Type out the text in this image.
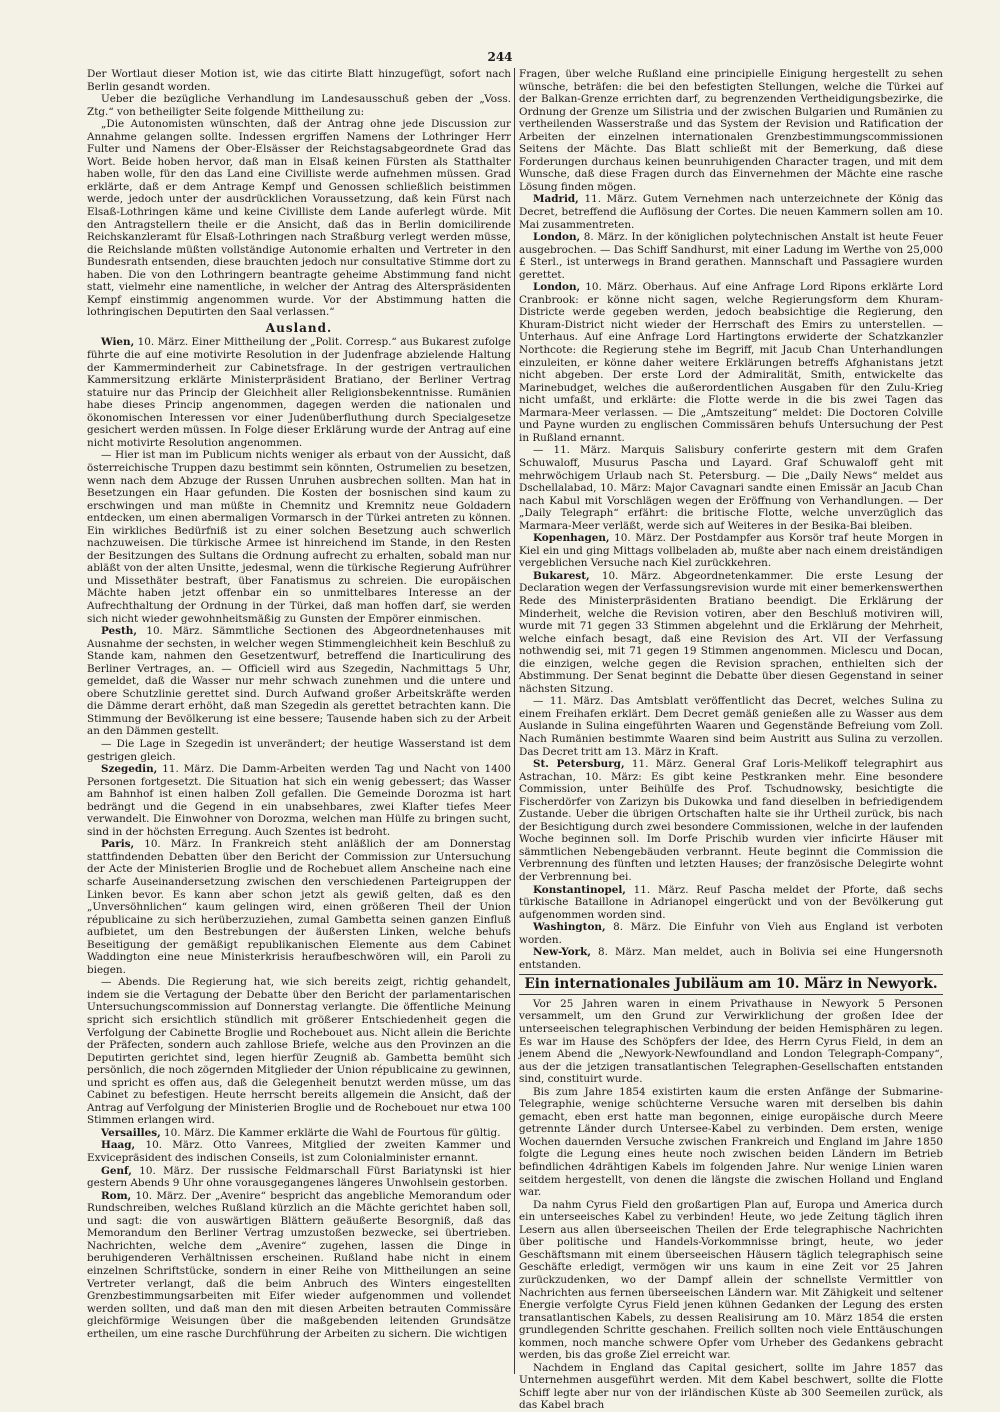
244

Der Wortlaut dieser Motion ist, wie das citirte Blatt hinzugefügt, sofort nach Berlin gesandt worden.

Ueber die bezügliche Verhandlung im Landesausschuß geben der „Voss. Ztg.“ von betheiligter Seite folgende Mittheilung zu:

„Die Autonomisten wünschten, daß der Antrag ohne jede Discussion zur Annahme gelangen sollte. Indessen ergriffen Namens der Lothringer Herr Fulter und Namens der Ober-Elsässer der Reichstagsabgeordnete Grad das Wort. Beide hoben hervor, daß man in Elsaß keinen Fürsten als Statthalter haben wolle, für den das Land eine Civilliste werde aufnehmen müssen. Grad erklärte, daß er dem Antrage Kempf und Genossen schließlich beistimmen werde, jedoch unter der ausdrücklichen Voraussetzung, daß kein Fürst nach Elsaß-Lothringen käme und keine Civilliste dem Lande auferlegt würde. Mit den Antragstellern theile er die Ansicht, daß das in Berlin domicilirende Reichskanzleramt für Elsaß-Lothringen nach Straßburg verlegt werden müsse, die Reichslande müßten vollständige Autonomie erhalten und Vertreter in den Bundesrath entsenden, diese brauchten jedoch nur consultative Stimme dort zu haben. Die von den Lothringern beantragte geheime Abstimmung fand nicht statt, vielmehr eine namentliche, in welcher der Antrag des Alterspräsidenten Kempf einstimmig angenommen wurde. Vor der Abstimmung hatten die lothringischen Deputirten den Saal verlassen.“

Ausland.

Wien, 10. März. Einer Mittheilung der „Polit. Corresp.“ aus Bukarest zufolge führte die auf eine motivirte Resolution in der Judenfrage abzielende Haltung der Kammerminderheit zur Cabinetsfrage. In der gestrigen vertraulichen Kammersitzung erklärte Ministerpräsident Bratiano, der Berliner Vertrag statuire nur das Princip der Gleichheit aller Religionsbekenntnisse. Rumänien habe dieses Princip angenommen, dagegen werden die nationalen und ökonomischen Interessen vor einer Judenüberfluthung durch Specialgesetze gesichert werden müssen. In Folge dieser Erklärung wurde der Antrag auf eine nicht motivirte Resolution angenommen.

— Hier ist man im Publicum nichts weniger als erbaut von der Aussicht, daß österreichische Truppen dazu bestimmt sein könnten, Ostrumelien zu besetzen, wenn nach dem Abzuge der Russen Unruhen ausbrechen sollten. Man hat in Besetzungen ein Haar gefunden. Die Kosten der bosnischen sind kaum zu erschwingen und man müßte in Chemnitz und Kremnitz neue Goldadern entdecken, um einen abermaligen Vormarsch in der Türkei antreten zu können. Ein wirkliches Bedürfniß ist zu einer solchen Besetzung auch schwerlich nachzuweisen. Die türkische Armee ist hinreichend im Stande, in den Resten der Besitzungen des Sultans die Ordnung aufrecht zu erhalten, sobald man nur abläßt von der alten Unsitte, jedesmal, wenn die türkische Regierung Aufrührer und Missethäter bestraft, über Fanatismus zu schreien. Die europäischen Mächte haben jetzt offenbar ein so unmittelbares Interesse an der Aufrechthaltung der Ordnung in der Türkei, daß man hoffen darf, sie werden sich nicht wieder gewohnheitsmäßig zu Gunsten der Empörer einmischen.

Pesth, 10. März. Sämmtliche Sectionen des Abgeordnetenhauses mit Ausnahme der sechsten, in welcher wegen Stimmengleichheit kein Beschluß zu Stande kam, nahmen den Gesetzentwurf, betreffend die Inarticulirung des Berliner Vertrages, an. — Officiell wird aus Szegedin, Nachmittags 5 Uhr, gemeldet, daß die Wasser nur mehr schwach zunehmen und die untere und obere Schutzlinie gerettet sind. Durch Aufwand großer Arbeitskräfte werden die Dämme derart erhöht, daß man Szegedin als gerettet betrachten kann. Die Stimmung der Bevölkerung ist eine bessere; Tausende haben sich zu der Arbeit an den Dämmen gestellt.

— Die Lage in Szegedin ist unverändert; der heutige Wasserstand ist dem gestrigen gleich.

Szegedin, 11. März. Die Damm-Arbeiten werden Tag und Nacht von 1400 Personen fortgesetzt. Die Situation hat sich ein wenig gebessert; das Wasser am Bahnhof ist einen halben Zoll gefallen. Die Gemeinde Dorozma ist hart bedrängt und die Gegend in ein unabsehbares, zwei Klafter tiefes Meer verwandelt. Die Einwohner von Dorozma, welchen man Hülfe zu bringen sucht, sind in der höchsten Erregung. Auch Szentes ist bedroht.

Paris, 10. März. In Frankreich steht anläßlich der am Donnerstag stattfindenden Debatten über den Bericht der Commission zur Untersuchung der Acte der Ministerien Broglie und de Rochebuet allem Anscheine nach eine scharfe Auseinandersetzung zwischen den verschiedenen Parteigruppen der Linken bevor. Es kann aber schon jetzt als gewiß gelten, daß es den „Unversöhnlichen“ kaum gelingen wird, einen größeren Theil der Union républicaine zu sich herüberzuziehen, zumal Gambetta seinen ganzen Einfluß aufbietet, um den Bestrebungen der äußersten Linken, welche behufs Beseitigung der gemäßigt republikanischen Elemente aus dem Cabinet Waddington eine neue Ministerkrisis heraufbeschwören will, ein Paroli zu biegen.

— Abends. Die Regierung hat, wie sich bereits zeigt, richtig gehandelt, indem sie die Vertagung der Debatte über den Bericht der parlamentarischen Untersuchungscommission auf Donnerstag verlangte. Die öffentliche Meinung spricht sich ersichtlich stündlich mit größerer Entschiedenheit gegen die Verfolgung der Cabinette Broglie und Rochebouet aus. Nicht allein die Berichte der Präfecten, sondern auch zahllose Briefe, welche aus den Provinzen an die Deputirten gerichtet sind, legen hierfür Zeugniß ab. Gambetta bemüht sich persönlich, die noch zögernden Mitglieder der Union républicaine zu gewinnen, und spricht es offen aus, daß die Gelegenheit benutzt werden müsse, um das Cabinet zu befestigen. Heute herrscht bereits allgemein die Ansicht, daß der Antrag auf Verfolgung der Ministerien Broglie und de Rochebouet nur etwa 100 Stimmen erlangen wird.

Versailles, 10. März. Die Kammer erklärte die Wahl de Fourtous für gültig.

Haag, 10. März. Otto Vanrees, Mitglied der zweiten Kammer und Exvicepräsident des indischen Conseils, ist zum Colonialminister ernannt.

Genf, 10. März. Der russische Feldmarschall Fürst Bariatynski ist hier gestern Abends 9 Uhr ohne vorausgegangenes längeres Unwohlsein gestorben.

Rom, 10. März. Der „Avenire“ bespricht das angebliche Memorandum oder Rundschreiben, welches Rußland kürzlich an die Mächte gerichtet haben soll, und sagt: die von auswärtigen Blättern geäußerte Besorgniß, daß das Memorandum den Berliner Vertrag umzustoßen bezwecke, sei übertrieben. Nachrichten, welche dem „Avenire“ zugehen, lassen die Dinge in beruhigenderen Verhältnissen erscheinen. Rußland habe nicht in einem einzelnen Schriftstücke, sondern in einer Reihe von Mittheilungen an seine Vertreter verlangt, daß die beim Anbruch des Winters eingestellten Grenzbestimmungsarbeiten mit Eifer wieder aufgenommen und vollendet werden sollten, und daß man den mit diesen Arbeiten betrauten Commissäre gleichförmige Weisungen über die maßgebenden leitenden Grundsätze ertheilen, um eine rasche Durchführung der Arbeiten zu sichern. Die wichtigen

Fragen, über welche Rußland eine principielle Einigung hergestellt zu sehen wünsche, beträfen: die bei den befestigten Stellungen, welche die Türkei auf der Balkan-Grenze errichten darf, zu begrenzenden Vertheidigungsbezirke, die Ordnung der Grenze um Silistria und der zwischen Bulgarien und Rumänien zu vertheilenden Wasserstraße und das System der Revision und Ratification der Arbeiten der einzelnen internationalen Grenzbestimmungscommissionen Seitens der Mächte. Das Blatt schließt mit der Bemerkung, daß diese Forderungen durchaus keinen beunruhigenden Character tragen, und mit dem Wunsche, daß diese Fragen durch das Einvernehmen der Mächte eine rasche Lösung finden mögen.

Madrid, 11. März. Gutem Vernehmen nach unterzeichnete der König das Decret, betreffend die Auflösung der Cortes. Die neuen Kammern sollen am 10. Mai zusammentreten.

London, 8. März. In der königlichen polytechnischen Anstalt ist heute Feuer ausgebrochen. — Das Schiff Sandhurst, mit einer Ladung im Werthe von 25,000 £ Sterl., ist unterwegs in Brand gerathen. Mannschaft und Passagiere wurden gerettet.

London, 10. März. Oberhaus. Auf eine Anfrage Lord Ripons erklärte Lord Cranbrook: er könne nicht sagen, welche Regierungsform dem Khuram-Districte werde gegeben werden, jedoch beabsichtige die Regierung, den Khuram-District nicht wieder der Herrschaft des Emirs zu unterstellen. — Unterhaus. Auf eine Anfrage Lord Hartingtons erwiderte der Schatzkanzler Northcote: die Regierung stehe im Begriff, mit Jacub Chan Unterhandlungen einzuleiten, er könne daher weitere Erklärungen betreffs Afghanistans jetzt nicht abgeben. Der erste Lord der Admiralität, Smith, entwickelte das Marinebudget, welches die außerordentlichen Ausgaben für den Zulu-Krieg nicht umfaßt, und erklärte: die Flotte werde in die bis zwei Tagen das Marmara-Meer verlassen. — Die „Amtszeitung“ meldet: Die Doctoren Colville und Payne wurden zu englischen Commissären behufs Untersuchung der Pest in Rußland ernannt.

— 11. März. Marquis Salisbury conferirte gestern mit dem Grafen Schuwaloff, Musurus Pascha und Layard. Graf Schuwaloff geht mit mehrwöchigem Urlaub nach St. Petersburg. — Die „Daily News“ meldet aus Dschellalabad, 10. März: Major Cavagnari sandte einen Emissär an Jacub Chan nach Kabul mit Vorschlägen wegen der Eröffnung von Verhandlungen. — Der „Daily Telegraph“ erfährt: die britische Flotte, welche unverzüglich das Marmara-Meer verläßt, werde sich auf Weiteres in der Besika-Bai bleiben.

Kopenhagen, 10. März. Der Postdampfer aus Korsör traf heute Morgen in Kiel ein und ging Mittags vollbeladen ab, mußte aber nach einem dreiständigen vergeblichen Versuche nach Kiel zurückkehren.

Bukarest, 10. März. Abgeordnetenkammer. Die erste Lesung der Declaration wegen der Verfassungsrevision wurde mit einer bemerkenswerthen Rede des Ministerpräsidenten Bratiano beendigt. Die Erklärung der Minderheit, welche die Revision votiren, aber den Beschluß motiviren will, wurde mit 71 gegen 33 Stimmen abgelehnt und die Erklärung der Mehrheit, welche einfach besagt, daß eine Revision des Art. VII der Verfassung nothwendig sei, mit 71 gegen 19 Stimmen angenommen. Miclescu und Docan, die einzigen, welche gegen die Revision sprachen, enthielten sich der Abstimmung. Der Senat beginnt die Debatte über diesen Gegenstand in seiner nächsten Sitzung.

— 11. März. Das Amtsblatt veröffentlicht das Decret, welches Sulina zu einem Freihafen erklärt. Dem Decret gemäß genießen alle zu Wasser aus dem Auslande in Sulina eingeführten Waaren und Gegenstände Befreiung vom Zoll. Nach Rumänien bestimmte Waaren sind beim Austritt aus Sulina zu verzollen. Das Decret tritt am 13. März in Kraft.

St. Petersburg, 11. März. General Graf Loris-Melikoff telegraphirt aus Astrachan, 10. März: Es gibt keine Pestkranken mehr. Eine besondere Commission, unter Beihülfe des Prof. Tschudnowsky, besichtigte die Fischerdörfer von Zarizyn bis Dukowka und fand dieselben in befriedigendem Zustande. Ueber die übrigen Ortschaften halte sie ihr Urtheil zurück, bis nach der Besichtigung durch zwei besondere Commissionen, welche in der laufenden Woche beginnen soll. Im Dorfe Prischib wurden vier inficirte Häuser mit sämmtlichen Nebengebäuden verbrannt. Heute beginnt die Commission die Verbrennung des fünften und letzten Hauses; der französische Delegirte wohnt der Verbrennung bei.

Konstantinopel, 11. März. Reuf Pascha meldet der Pforte, daß sechs türkische Bataillone in Adrianopel eingerückt und von der Bevölkerung gut aufgenommen worden sind.

Washington, 8. März. Die Einfuhr von Vieh aus England ist verboten worden.

New-York, 8. März. Man meldet, auch in Bolivia sei eine Hungersnoth entstanden.

Ein internationales Jubiläum am 10. März in Newyork.

Vor 25 Jahren waren in einem Privathause in Newyork 5 Personen versammelt, um den Grund zur Verwirklichung der großen Idee der unterseeischen telegraphischen Verbindung der beiden Hemisphären zu legen. Es war im Hause des Schöpfers der Idee, des Herrn Cyrus Field, in dem an jenem Abend die „Newyork-Newfoundland and London Telegraph-Company“, aus der die jetzigen transatlantischen Telegraphen-Gesellschaften entstanden sind, constituirt wurde.

Bis zum Jahre 1854 existirten kaum die ersten Anfänge der Submarine-Telegraphie, wenige schüchterne Versuche waren mit derselben bis dahin gemacht, eben erst hatte man begonnen, einige europäische durch Meere getrennte Länder durch Untersee-Kabel zu verbinden. Dem ersten, wenige Wochen dauernden Versuche zwischen Frankreich und England im Jahre 1850 folgte die Legung eines heute noch zwischen beiden Ländern im Betrieb befindlichen 4drähtigen Kabels im folgenden Jahre. Nur wenige Linien waren seitdem hergestellt, von denen die längste die zwischen Holland und England war.

Da nahm Cyrus Field den großartigen Plan auf, Europa und America durch ein unterseeisches Kabel zu verbinden! Heute, wo jede Zeitung täglich ihren Lesern aus allen überseeischen Theilen der Erde telegraphische Nachrichten über politische und Handels-Vorkommnisse bringt, heute, wo jeder Geschäftsmann mit einem überseeischen Häusern täglich telegraphisch seine Geschäfte erledigt, vermögen wir uns kaum in eine Zeit vor 25 Jahren zurückzudenken, wo der Dampf allein der schnellste Vermittler von Nachrichten aus fernen überseeischen Ländern war. Mit Zähigkeit und seltener Energie verfolgte Cyrus Field jenen kühnen Gedanken der Legung des ersten transatlantischen Kabels, zu dessen Realisirung am 10. März 1854 die ersten grundlegenden Schritte geschahen. Freilich sollten noch viele Enttäuschungen kommen, noch manche schwere Opfer vom Urheber des Gedankens gebracht werden, bis das große Ziel erreicht war.

Nachdem in England das Capital gesichert, sollte im Jahre 1857 das Unternehmen ausgeführt werden. Mit dem Kabel beschwert, sollte die Flotte Schiff legte aber nur von der irländischen Küste ab 300 Seemeilen zurück, als das Kabel brach
